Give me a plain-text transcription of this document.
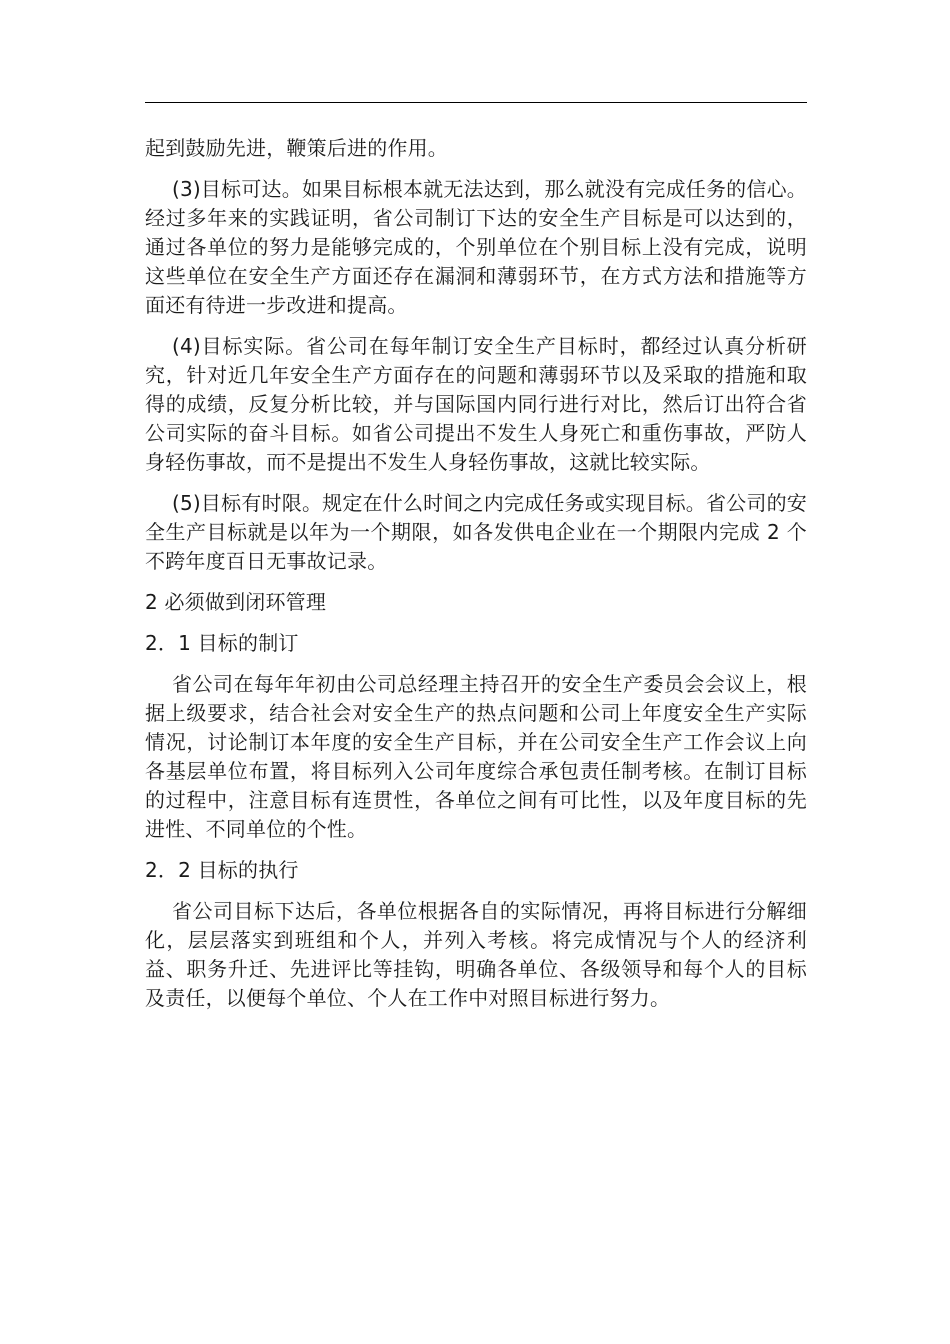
起到鼓励先进，鞭策后进的作用。

(3)目标可达。如果目标根本就无法达到，那么就没有完成任务的信心。经过多年来的实践证明，省公司制订下达的安全生产目标是可以达到的，通过各单位的努力是能够完成的，个别单位在个别目标上没有完成，说明这些单位在安全生产方面还存在漏洞和薄弱环节，在方式方法和措施等方面还有待进一步改进和提高。

(4)目标实际。省公司在每年制订安全生产目标时，都经过认真分析研究，针对近几年安全生产方面存在的问题和薄弱环节以及采取的措施和取得的成绩，反复分析比较，并与国际国内同行进行对比，然后订出符合省公司实际的奋斗目标。如省公司提出不发生人身死亡和重伤事故，严防人身轻伤事故，而不是提出不发生人身轻伤事故，这就比较实际。

(5)目标有时限。规定在什么时间之内完成任务或实现目标。省公司的安全生产目标就是以年为一个期限，如各发供电企业在一个期限内完成 2 个不跨年度百日无事故记录。

2 必须做到闭环管理

2．1 目标的制订

省公司在每年年初由公司总经理主持召开的安全生产委员会会议上，根据上级要求，结合社会对安全生产的热点问题和公司上年度安全生产实际情况，讨论制订本年度的安全生产目标，并在公司安全生产工作会议上向各基层单位布置，将目标列入公司年度综合承包责任制考核。在制订目标的过程中，注意目标有连贯性，各单位之间有可比性，以及年度目标的先进性、不同单位的个性。

2．2 目标的执行

省公司目标下达后，各单位根据各自的实际情况，再将目标进行分解细化，层层落实到班组和个人，并列入考核。将完成情况与个人的经济利益、职务升迁、先进评比等挂钩，明确各单位、各级领导和每个人的目标及责任，以便每个单位、个人在工作中对照目标进行努力。
